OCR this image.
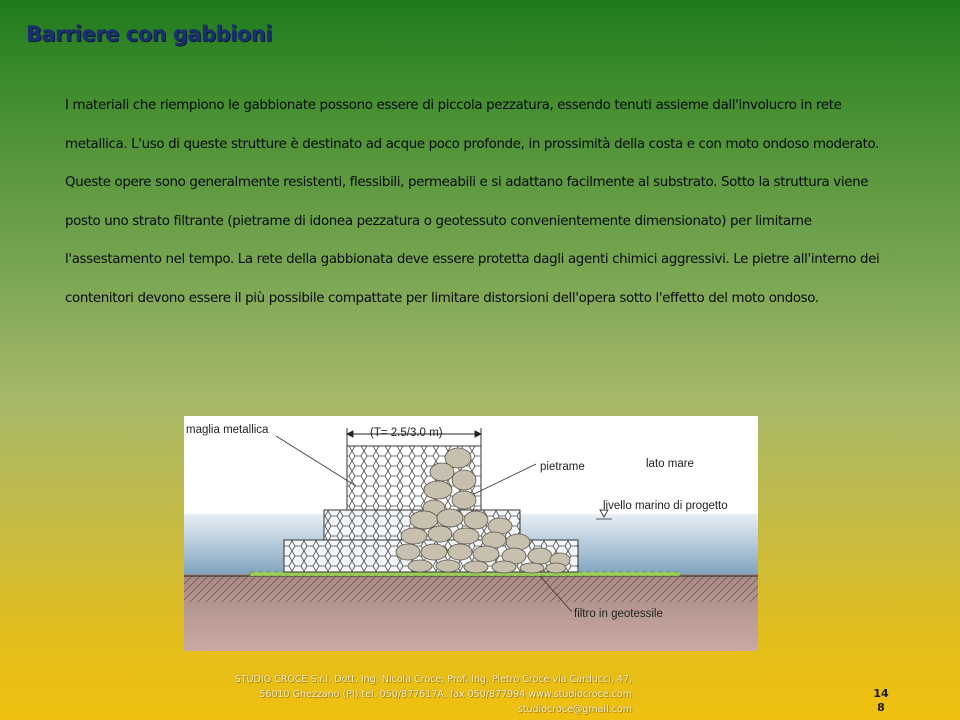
Barriere con gabbioni

I materiali che riempiono le gabbionate possono essere di piccola pezzatura, essendo tenuti assieme dall'involucro in rete metallica. L'uso di queste strutture è destinato ad acque poco profonde, in prossimità della costa e con moto ondoso moderato.

Queste opere sono generalmente resistenti, flessibili, permeabili e si adattano facilmente al substrato. Sotto la struttura viene posto uno strato filtrante (pietrame di idonea pezzatura o geotessuto convenientemente dimensionato) per limitarne l'assestamento nel tempo. La rete della gabbionata deve essere protetta dagli agenti chimici aggressivi. Le pietre all'interno dei contenitori devono essere il più possibile compattate per limitare distorsioni dell'opera sotto l'effetto del moto ondoso.

maglia metallica	(T= 2.5/3.0 m)
pietrame	lato mare
livello marino di progetto
filtro in geotessile
STUDIO CROCE S.r.l. Dott. Ing. Nicola Croce, Prof. Ing. Pietro Croce via Carducci, 47,
56010 Ghezzano (PI) tel. 050/877617A, fax 050/877994 www.studiocroce.com
studiocroce@gmail.com
14
8
